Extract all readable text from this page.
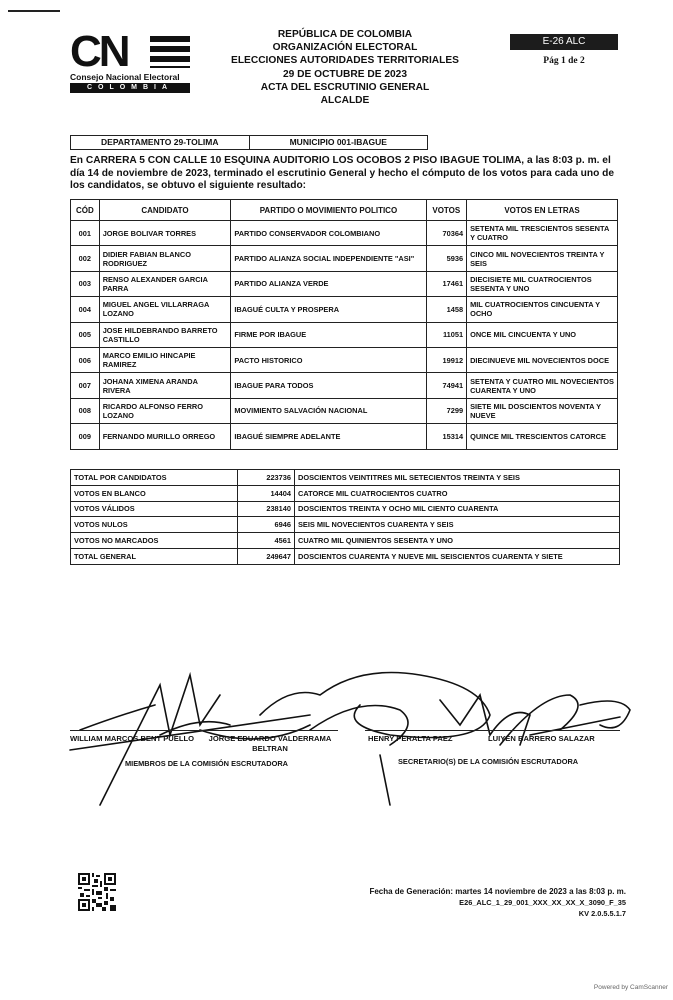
CN
Consejo Nacional Electoral
COLOMBIA
REPÚBLICA DE COLOMBIA
ORGANIZACIÓN ELECTORAL
ELECCIONES AUTORIDADES TERRITORIALES
29 DE OCTUBRE DE 2023
ACTA DEL ESCRUTINIO GENERAL
ALCALDE
E-26 ALC
Pág 1 de 2
DEPARTAMENTO 29-TOLIMA	MUNICIPIO 001-IBAGUE
En CARRERA 5 CON CALLE 10 ESQUINA AUDITORIO LOS OCOBOS 2 PISO IBAGUE TOLIMA, a las 8:03 p. m. el día 14 de noviembre de 2023, terminado el escrutinio General y hecho el cómputo de los votos para cada uno de los candidatos, se obtuvo el siguiente resultado:
CÓD	CANDIDATO	PARTIDO O MOVIMIENTO POLITICO	VOTOS	VOTOS EN LETRAS
001	JORGE BOLIVAR TORRES	PARTIDO CONSERVADOR COLOMBIANO	70364	SETENTA MIL TRESCIENTOS SESENTA Y CUATRO
002	DIDIER FABIAN BLANCO RODRIGUEZ	PARTIDO ALIANZA SOCIAL INDEPENDIENTE "ASI"	5936	CINCO MIL NOVECIENTOS TREINTA Y SEIS
003	RENSO ALEXANDER GARCIA PARRA	PARTIDO ALIANZA VERDE	17461	DIECISIETE MIL CUATROCIENTOS SESENTA Y UNO
004	MIGUEL ANGEL VILLARRAGA LOZANO	IBAGUÉ CULTA Y PROSPERA	1458	MIL CUATROCIENTOS CINCUENTA Y OCHO
005	JOSE HILDEBRANDO BARRETO CASTILLO	FIRME POR IBAGUE	11051	ONCE MIL CINCUENTA Y UNO
006	MARCO EMILIO HINCAPIE RAMIREZ	PACTO HISTORICO	19912	DIECINUEVE MIL NOVECIENTOS DOCE
007	JOHANA XIMENA ARANDA RIVERA	IBAGUE PARA TODOS	74941	SETENTA Y CUATRO MIL NOVECIENTOS CUARENTA Y UNO
008	RICARDO ALFONSO FERRO LOZANO	MOVIMIENTO SALVACIÓN NACIONAL	7299	SIETE MIL DOSCIENTOS NOVENTA Y NUEVE
009	FERNANDO MURILLO ORREGO	IBAGUÉ SIEMPRE ADELANTE	15314	QUINCE MIL TRESCIENTOS CATORCE
TOTAL POR CANDIDATOS	223736	DOSCIENTOS VEINTITRES MIL SETECIENTOS TREINTA Y SEIS
VOTOS EN BLANCO	14404	CATORCE MIL CUATROCIENTOS CUATRO
VOTOS VÁLIDOS	238140	DOSCIENTOS TREINTA Y OCHO MIL CIENTO CUARENTA
VOTOS NULOS	6946	SEIS MIL NOVECIENTOS CUARENTA Y SEIS
VOTOS NO MARCADOS	4561	CUATRO MIL QUINIENTOS SESENTA Y UNO
TOTAL GENERAL	249647	DOSCIENTOS CUARENTA Y NUEVE MIL SEISCIENTOS CUARENTA Y SIETE
WILLIAM MARCOS BENT PUELLO	JORGE EDUARDO VALDERRAMA BELTRAN
HENRY PERALTA PAEZ	LUIYEN BARRERO SALAZAR
MIEMBROS DE LA COMISIÓN ESCRUTADORA	SECRETARIO(S) DE LA COMISIÓN ESCRUTADORA
Fecha de Generación: martes 14 noviembre de 2023 a las 8:03 p. m.
E26_ALC_1_29_001_XXX_XX_XX_X_3090_F_35
KV 2.0.5.5.1.7
Powered by CamScanner
